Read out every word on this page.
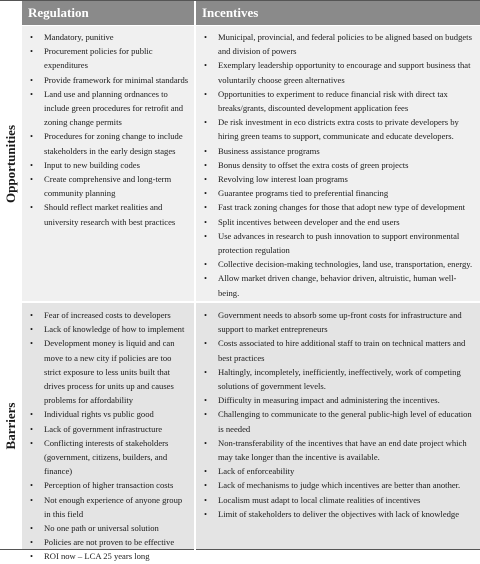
Regulation	Incentives
Opportunities
• Mandatory, punitive
• Procurement policies for public expenditures
• Provide framework for minimal standards
• Land use and planning ordnances to include green procedures for retrofit and zoning change permits
• Procedures for zoning change to include stakeholders in the early design stages
• Input to new building codes
• Create comprehensive and long-term community planning
• Should reflect market realities and university research with best practices
• Municipal, provincial, and federal policies to be aligned based on budgets and division of powers
• Exemplary leadership opportunity to encourage and support business that voluntarily choose green alternatives
• Opportunities to experiment to reduce financial risk with direct tax breaks/grants, discounted development application fees
• De risk investment in eco districts extra costs to private developers by hiring green teams to support, communicate and educate developers.
• Business assistance programs
• Bonus density to offset the extra costs of green projects
• Revolving low interest loan programs
• Guarantee programs tied to preferential financing
• Fast track zoning changes for those that adopt new type of development
• Split incentives between developer and the end users
• Use advances in research to push innovation to support environmental protection regulation
• Collective decision-making technologies, land use, transportation, energy.
• Allow market driven change, behavior driven, altruistic, human well-being.
Barriers
• Fear of increased costs to developers
• Lack of knowledge of how to implement
• Development money is liquid and can move to a new city if policies are too strict exposure to less units built that drives process for units up and causes problems for affordability
• Individual rights vs public good
• Lack of government infrastructure
• Conflicting interests of stakeholders (government, citizens, builders, and finance)
• Perception of higher transaction costs
• Not enough experience of anyone group in this field
• No one path or universal solution
• Policies are not proven to be effective
• ROI now – LCA 25 years long
• Government needs to absorb some up-front costs for infrastructure and support to market entrepreneurs
• Costs associated to hire additional staff to train on technical matters and best practices
• Haltingly, incompletely, inefficiently, ineffectively, work of competing solutions of government levels.
• Difficulty in measuring impact and administering the incentives.
• Challenging to communicate to the general public-high level of education is needed
• Non-transferability of the incentives that have an end date project which may take longer than the incentive is available.
• Lack of enforceability
• Lack of mechanisms to judge which incentives are better than another.
• Localism must adapt to local climate realities of incentives
• Limit of stakeholders to deliver the objectives with lack of knowledge
